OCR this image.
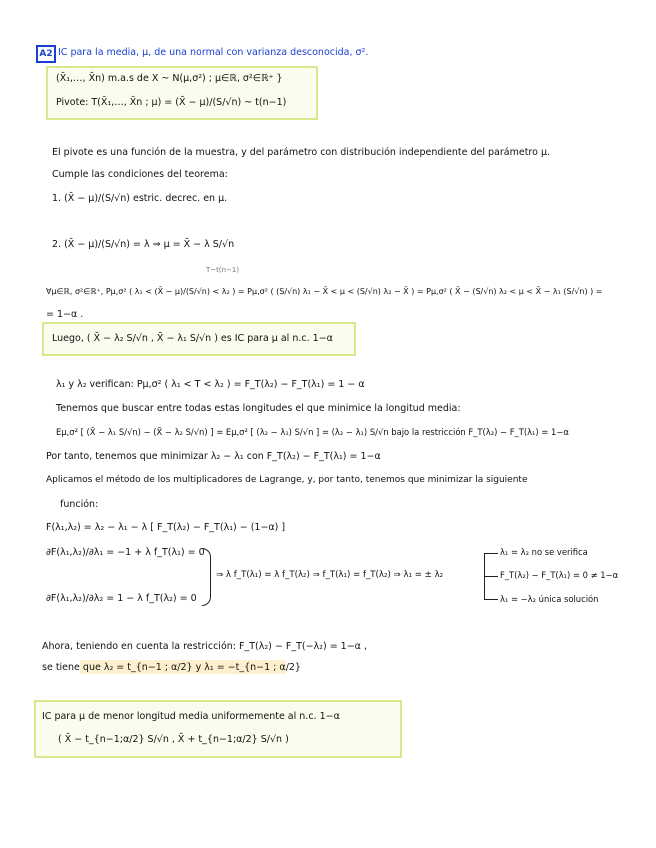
A2 IC para la media, μ, de una normal con varianza desconocida, σ².
(X̄₁,…, X̄n) m.a.s de X ~ N(μ,σ²) ; μ∈ℝ, σ²∈ℝ⁺ }
Pivote: T(X̄₁,…, X̄n ; μ) = (X̄ − μ)/(S/√n) ~ t(n−1)
El pivote es una función de la muestra, y del parámetro con distribución independiente del parámetro μ.
Cumple las condiciones del teorema:
1. (X̄ − μ)/(S/√n) estric. decrec. en μ.
2. (X̄ − μ)/(S/√n) = λ ⇒ μ = X̄ − λ S/√n
T~t(n−1)
∀μ∈ℝ, σ²∈ℝ⁺, Pμ,σ² ( λ₁ < (X̄ − μ)/(S/√n) < λ₂ ) = Pμ,σ² ( (S/√n) λ₁ − X̄ < μ < (S/√n) λ₂ − X̄ ) = Pμ,σ² ( X̄ − (S/√n) λ₂ < μ < X̄ − λ₁ (S/√n) ) =
= 1−α .
Luego, ( X̄ − λ₂ S/√n , X̄ − λ₁ S/√n ) es IC para μ al n.c. 1−α
λ₁ y λ₂ verifican: Pμ,σ² ( λ₁ < T < λ₂ ) = F_T(λ₂) − F_T(λ₁) = 1 − α
Tenemos que buscar entre todas estas longitudes el que minimice la longitud media:
Eμ,σ² [ (X̄ − λ₁ S/√n) − (X̄ − λ₂ S/√n) ] = Eμ,σ² [ (λ₂ − λ₁) S/√n ] = (λ₂ − λ₁) S/√n bajo la restricción F_T(λ₂) − F_T(λ₁) = 1−α
Por tanto, tenemos que minimizar λ₂ − λ₁ con F_T(λ₂) − F_T(λ₁) = 1−α
Aplicamos el método de los multiplicadores de Lagrange, y, por tanto, tenemos que minimizar la siguiente
función:
F(λ₁,λ₂) = λ₂ − λ₁ − λ [ F_T(λ₂) − F_T(λ₁) − (1−α) ]
∂F(λ₁,λ₂)/∂λ₁ = −1 + λ f_T(λ₁) = 0
∂F(λ₁,λ₂)/∂λ₂ = 1 − λ f_T(λ₂) = 0
⇒ λ f_T(λ₁) = λ f_T(λ₂) ⇒ f_T(λ₁) = f_T(λ₂) ⇒ λ₁ = ± λ₂
λ₁ = λ₂ no se verifica
F_T(λ₂) − F_T(λ₁) = 0 ≠ 1−α
λ₁ = −λ₂ única solución
Ahora, teniendo en cuenta la restricción: F_T(λ₂) − F_T(−λ₂) = 1−α ,
se tiene que λ₂ = t_{n−1 ; α/2} y λ₁ = −t_{n−1 ; α/2}
IC para μ de menor longitud media uniformemente al n.c. 1−α
( X̄ − t_{n−1;α/2} S/√n , X̄ + t_{n−1;α/2} S/√n )
